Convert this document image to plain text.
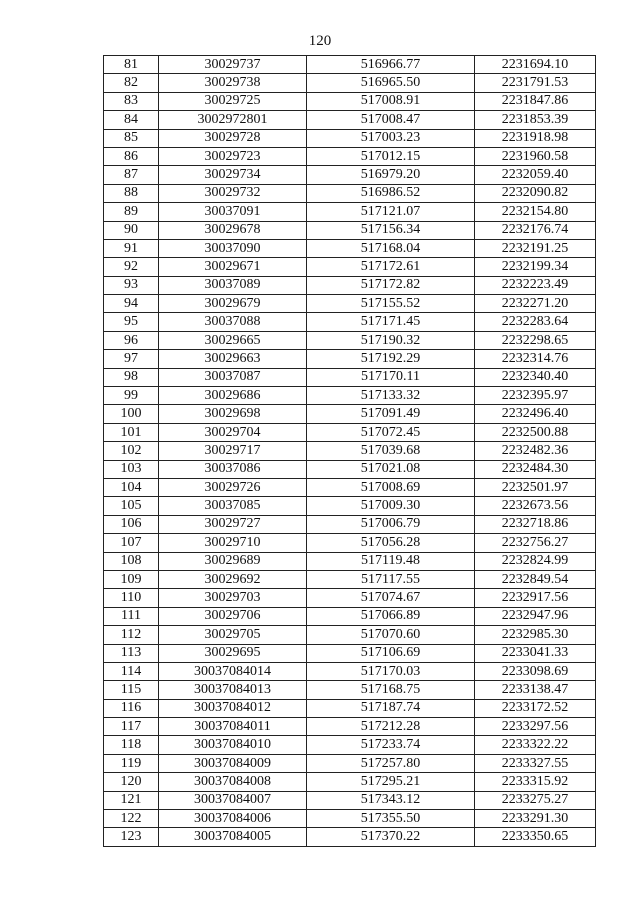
120
81	30029737	516966.77	2231694.10
82	30029738	516965.50	2231791.53
83	30029725	517008.91	2231847.86
84	3002972801	517008.47	2231853.39
85	30029728	517003.23	2231918.98
86	30029723	517012.15	2231960.58
87	30029734	516979.20	2232059.40
88	30029732	516986.52	2232090.82
89	30037091	517121.07	2232154.80
90	30029678	517156.34	2232176.74
91	30037090	517168.04	2232191.25
92	30029671	517172.61	2232199.34
93	30037089	517172.82	2232223.49
94	30029679	517155.52	2232271.20
95	30037088	517171.45	2232283.64
96	30029665	517190.32	2232298.65
97	30029663	517192.29	2232314.76
98	30037087	517170.11	2232340.40
99	30029686	517133.32	2232395.97
100	30029698	517091.49	2232496.40
101	30029704	517072.45	2232500.88
102	30029717	517039.68	2232482.36
103	30037086	517021.08	2232484.30
104	30029726	517008.69	2232501.97
105	30037085	517009.30	2232673.56
106	30029727	517006.79	2232718.86
107	30029710	517056.28	2232756.27
108	30029689	517119.48	2232824.99
109	30029692	517117.55	2232849.54
110	30029703	517074.67	2232917.56
111	30029706	517066.89	2232947.96
112	30029705	517070.60	2232985.30
113	30029695	517106.69	2233041.33
114	30037084014	517170.03	2233098.69
115	30037084013	517168.75	2233138.47
116	30037084012	517187.74	2233172.52
117	30037084011	517212.28	2233297.56
118	30037084010	517233.74	2233322.22
119	30037084009	517257.80	2233327.55
120	30037084008	517295.21	2233315.92
121	30037084007	517343.12	2233275.27
122	30037084006	517355.50	2233291.30
123	30037084005	517370.22	2233350.65
